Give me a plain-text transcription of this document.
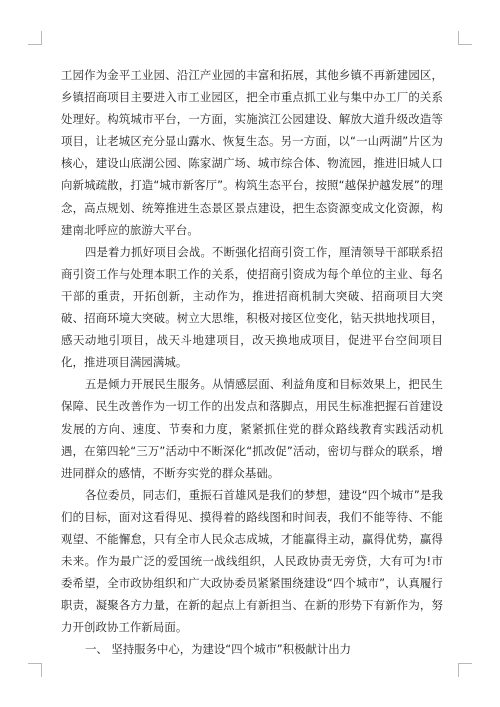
工园作为金平工业园、沿江产业园的丰富和拓展，其他乡镇不再新建园区，乡镇招商项目主要进入市工业园区，把全市重点抓工业与集中办工厂的关系处理好。构筑城市平台，一方面，实施滨江公园建设、解放大道升级改造等项目，让老城区充分显山露水、恢复生态。另一方面，以“一山两湖”片区为核心，建设山底湖公园、陈家湖广场、城市综合体、物流园，推进旧城人口向新城疏散，打造“城市新客厅”。构筑生态平台，按照“越保护越发展”的理念，高点规划、统筹推进生态景区景点建设，把生态资源变成文化资源，构建南北呼应的旅游大平台。

四是着力抓好项目会战。不断强化招商引资工作，厘清领导干部联系招商引资工作与处理本职工作的关系，使招商引资成为每个单位的主业、每名干部的重责，开拓创新，主动作为，推进招商机制大突破、招商项目大突破、招商环境大突破。树立大思维，积极对接区位变化，钻天拱地找项目，感天动地引项目，战天斗地建项目，改天换地成项目，促进平台空间项目化，推进项目满园满城。

五是倾力开展民生服务。从情感层面、利益角度和目标效果上，把民生保障、民生改善作为一切工作的出发点和落脚点，用民生标准把握石首建设发展的方向、速度、节奏和力度，紧紧抓住党的群众路线教育实践活动机遇，在第四轮“三万”活动中不断深化“抓改促”活动，密切与群众的联系，增进同群众的感情，不断夯实党的群众基础。

各位委员，同志们，重振石首雄风是我们的梦想，建设“四个城市”是我们的目标，面对这看得见、摸得着的路线图和时间表，我们不能等待、不能观望、不能懈怠，只有全市人民众志成城，才能赢得主动，赢得优势，赢得未来。作为最广泛的爱国统一战线组织，人民政协责无旁贷，大有可为!市委希望，全市政协组织和广大政协委员紧紧围绕建设“四个城市”，认真履行职责，凝聚各方力量，在新的起点上有新担当、在新的形势下有新作为，努力开创政协工作新局面。

一、 坚持服务中心，为建设“四个城市”积极献计出力
